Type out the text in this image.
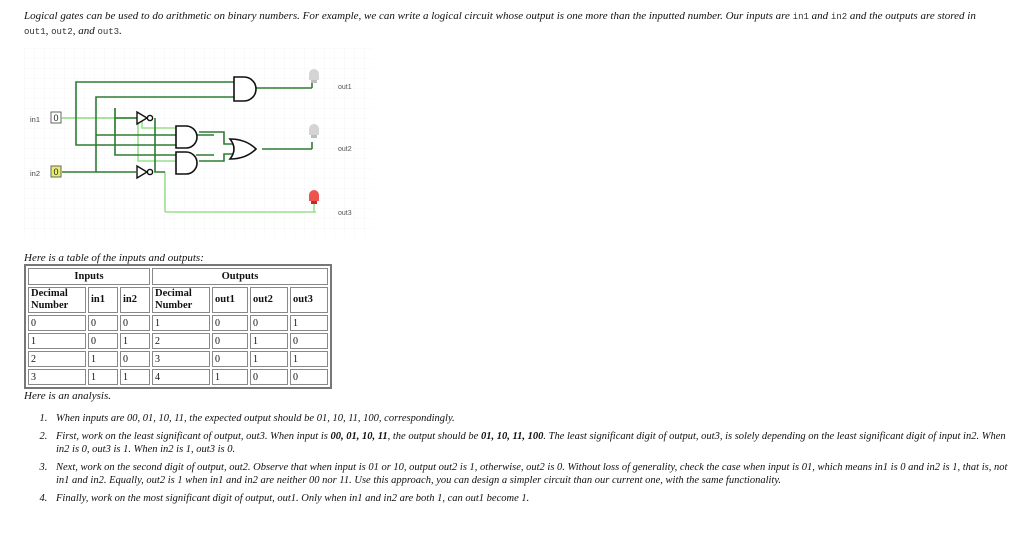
Logical gates can be used to do arithmetic on binary numbers. For example, we can write a logical circuit whose output is one more than the inputted number. Our inputs are in1 and in2 and the outputs are stored in out1, out2, and out3.

in1 0
in2 0
out1
out2
out3

Here is a table of the inputs and outputs:

Inputs			Outputs			
Decimal Number	in1	in2	Decimal Number	out1	out2	out3
0	0	0	1	0	0	1
1	0	1	2	0	1	0
2	1	0	3	0	1	1
3	1	1	4	1	0	0

Here is an analysis.

1. When inputs are 00, 01, 10, 11, the expected output should be 01, 10, 11, 100, correspondingly.
2. First, work on the least significant of output, out3. When input is 00, 01, 10, 11, the output should be 01, 10, 11, 100. The least significant digit of output, out3, is solely depending on the least significant digit of input in2. When in2 is 0, out3 is 1. When in2 is 1, out3 is 0.
3. Next, work on the second digit of output, out2. Observe that when input is 01 or 10, output out2 is 1, otherwise, out2 is 0. Without loss of generality, check the case when input is 01, which means in1 is 0 and in2 is 1, that is, not in1 and in2. Equally, out2 is 1 when in1 and in2 are neither 00 nor 11. Use this approach, you can design a simpler circuit than our current one, with the same functionality.
4. Finally, work on the most significant digit of output, out1. Only when in1 and in2 are both 1, can out1 become 1.
